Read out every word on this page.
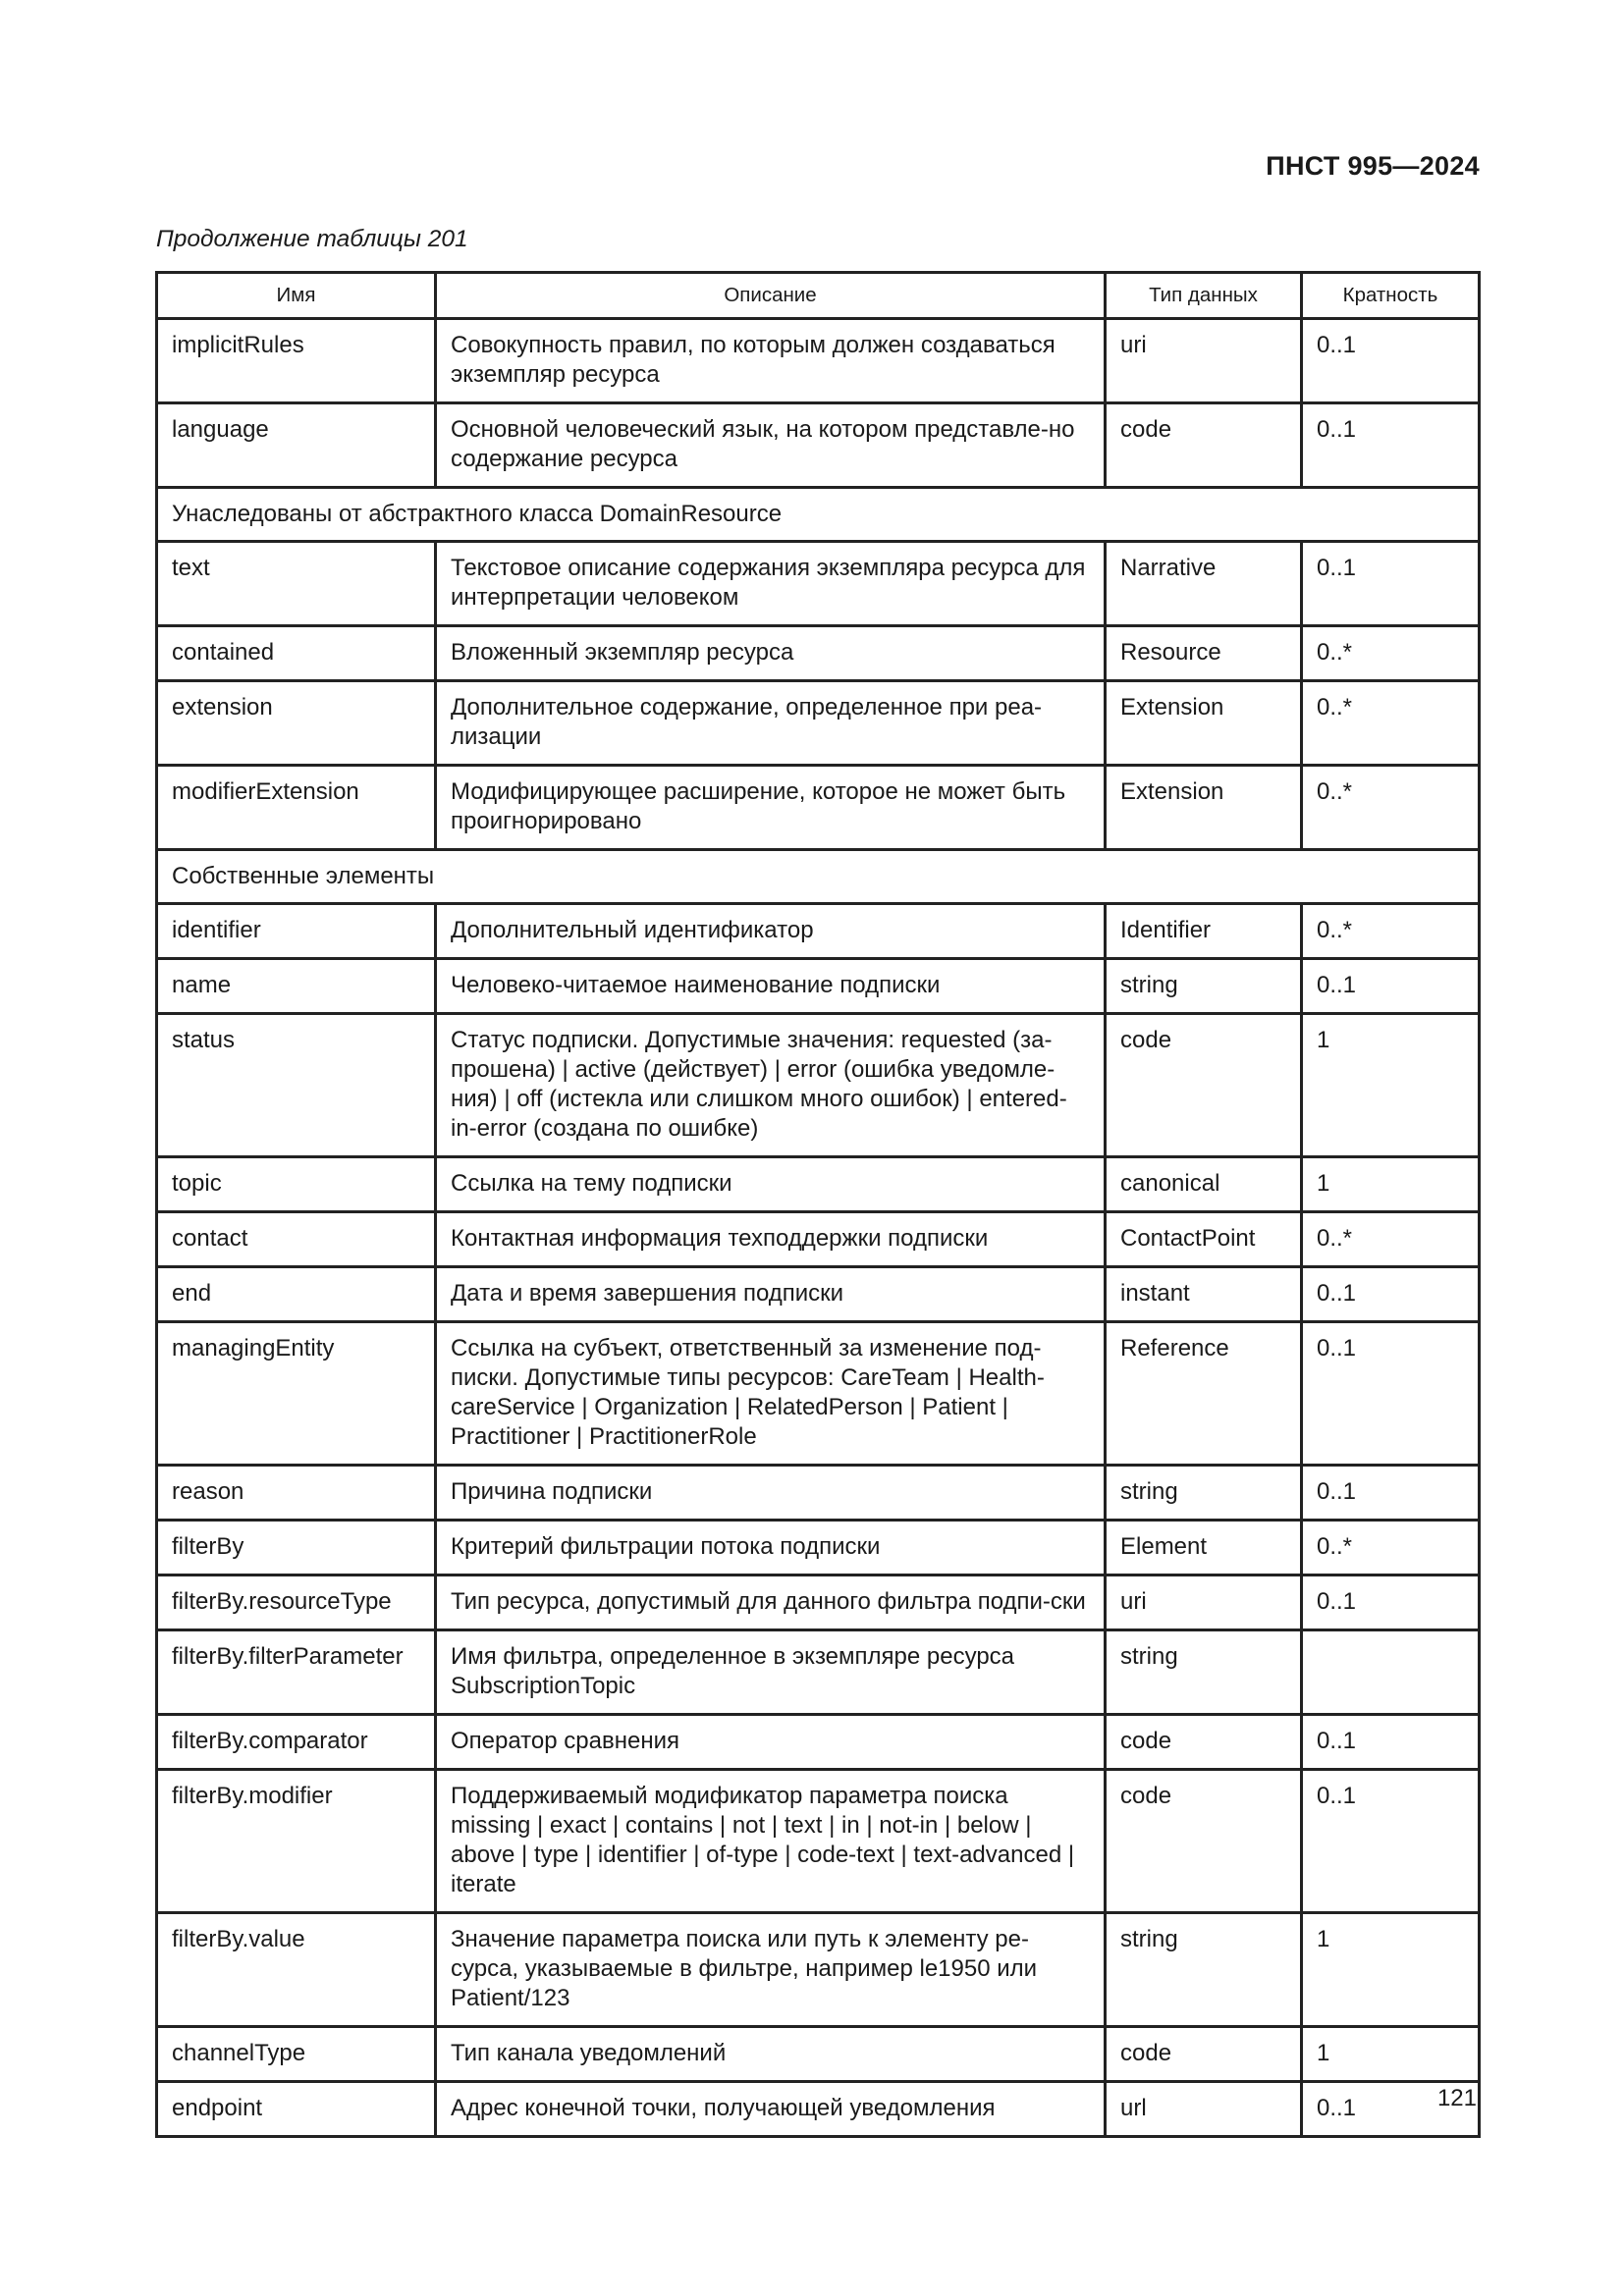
ПНСТ 995—2024
Продолжение таблицы 201
Имя	Описание	Тип данных	Кратность
implicitRules	Совокупность правил, по которым должен создаваться экземпляр ресурса	uri	0..1
language	Основной человеческий язык, на котором представле-но содержание ресурса	code	0..1
Унаследованы от абстрактного класса DomainResource			
text	Текстовое описание содержания экземпляра ресурса для интерпретации человеком	Narrative	0..1
contained	Вложенный экземпляр ресурса	Resource	0..*
extension	Дополнительное содержание, определенное при реа-лизации	Extension	0..*
modifierExtension	Модифицирующее расширение, которое не может быть проигнорировано	Extension	0..*
Собственные элементы			
identifier	Дополнительный идентификатор	Identifier	0..*
name	Человеко-читаемое наименование подписки	string	0..1
status	Статус подписки. Допустимые значения: requested (за-прошена) | active (действует) | error (ошибка уведомле-ния) | off (истекла или слишком много ошибок) | entered-in-error (создана по ошибке)	code	1
topic	Ссылка на тему подписки	canonical	1
contact	Контактная информация техподдержки подписки	ContactPoint	0..*
end	Дата и время завершения подписки	instant	0..1
managingEntity	Ссылка на субъект, ответственный за изменение под-писки. Допустимые типы ресурсов: CareTeam | Health-careService | Organization | RelatedPerson | Patient | Practitioner | PractitionerRole	Reference	0..1
reason	Причина подписки	string	0..1
filterBy	Критерий фильтрации потока подписки	Element	0..*
filterBy.resourceType	Тип ресурса, допустимый для данного фильтра подпи-ски	uri	0..1
filterBy.filterParameter	Имя фильтра, определенное в экземпляре ресурса SubscriptionTopic	string	
filterBy.comparator	Оператор сравнения	code	0..1
filterBy.modifier	Поддерживаемый модификатор параметра поиска missing | exact | contains | not | text | in | not-in | below | above | type | identifier | of-type | code-text | text-advanced | iterate	code	0..1
filterBy.value	Значение параметра поиска или путь к элементу ре-сурса, указываемые в фильтре, например le1950 или Patient/123	string	1
channelType	Тип канала уведомлений	code	1
endpoint	Адрес конечной точки, получающей уведомления	url	0..1	121
